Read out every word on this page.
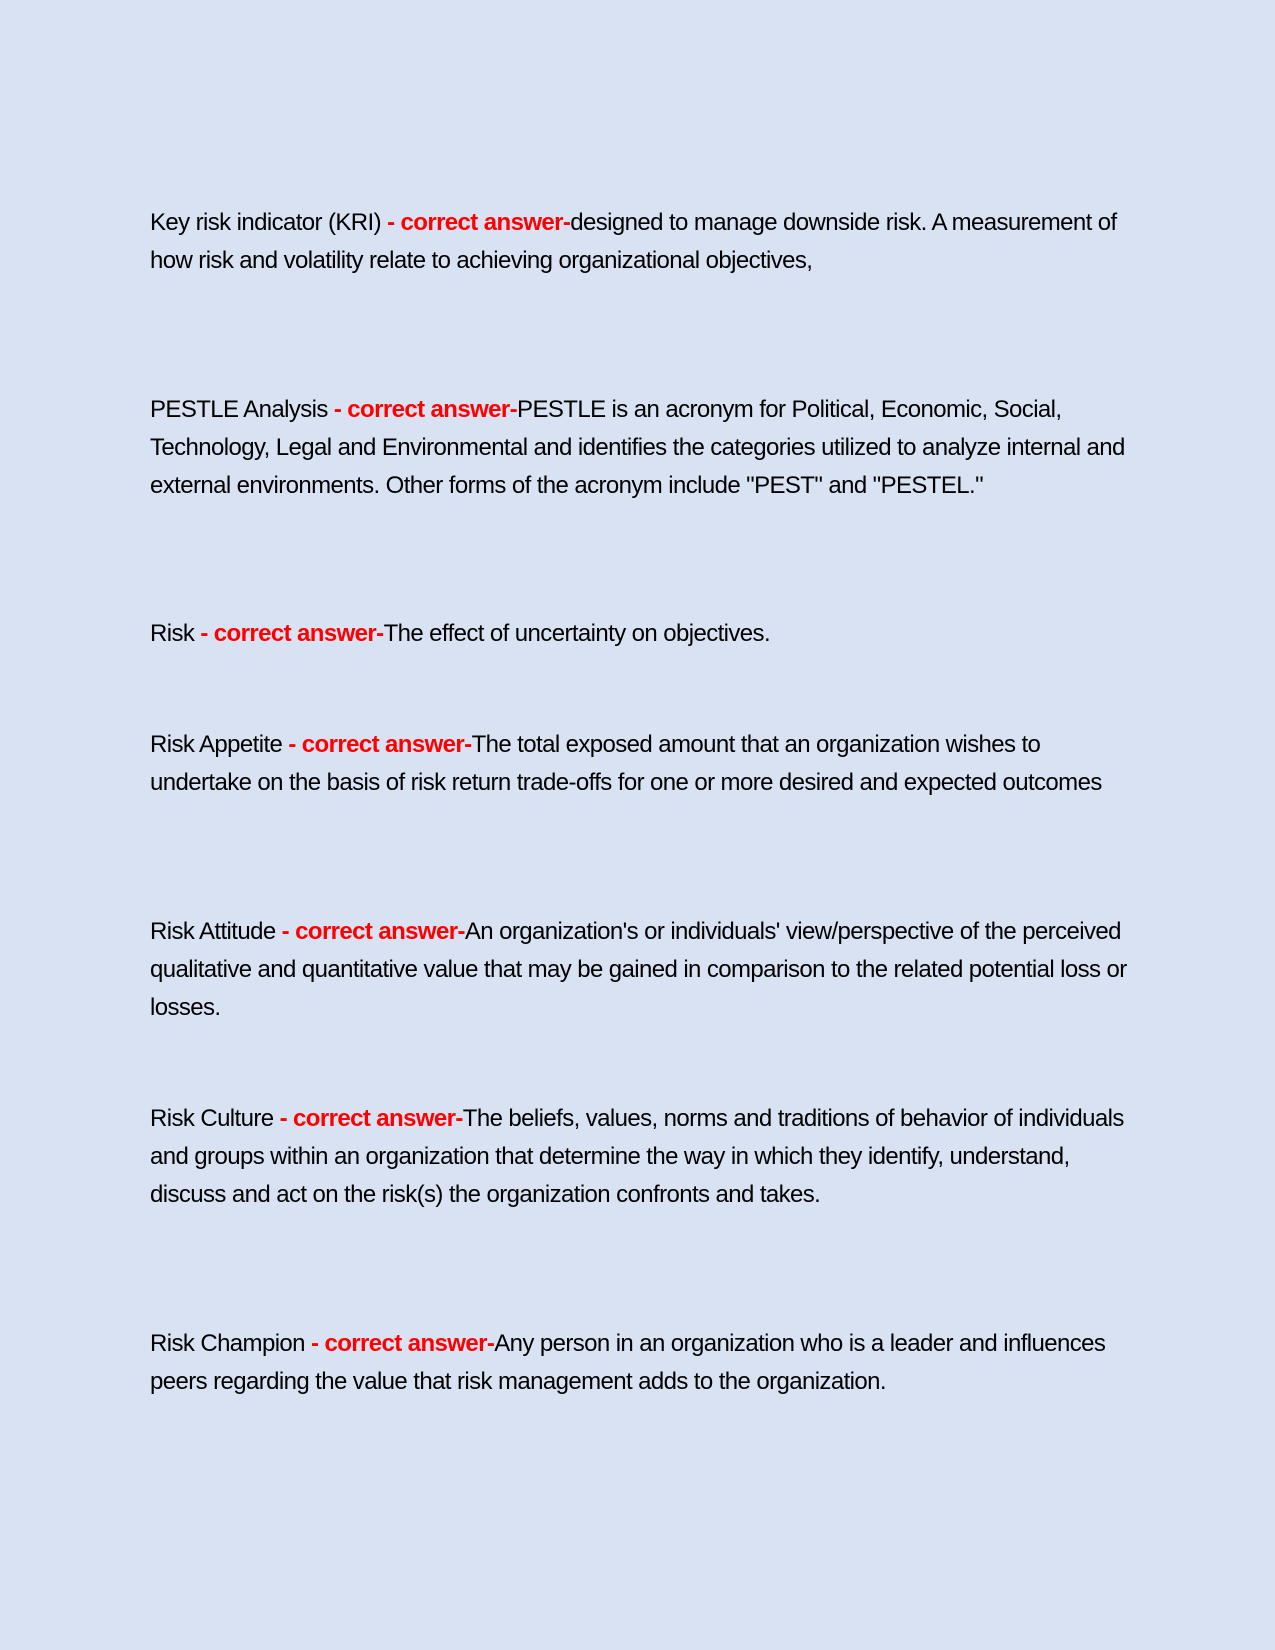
Key risk indicator (KRI) - correct answer-designed to manage downside risk. A measurement of how risk and volatility relate to achieving organizational objectives,

PESTLE Analysis - correct answer-PESTLE is an acronym for Political, Economic, Social, Technology, Legal and Environmental and identifies the categories utilized to analyze internal and external environments. Other forms of the acronym include "PEST" and "PESTEL."

Risk - correct answer-The effect of uncertainty on objectives.

Risk Appetite - correct answer-The total exposed amount that an organization wishes to undertake on the basis of risk return trade-offs for one or more desired and expected outcomes

Risk Attitude - correct answer-An organization's or individuals' view/perspective of the perceived qualitative and quantitative value that may be gained in comparison to the related potential loss or losses.

Risk Culture - correct answer-The beliefs, values, norms and traditions of behavior of individuals and groups within an organization that determine the way in which they identify, understand, discuss and act on the risk(s) the organization confronts and takes.

Risk Champion - correct answer-Any person in an organization who is a leader and influences peers regarding the value that risk management adds to the organization.
